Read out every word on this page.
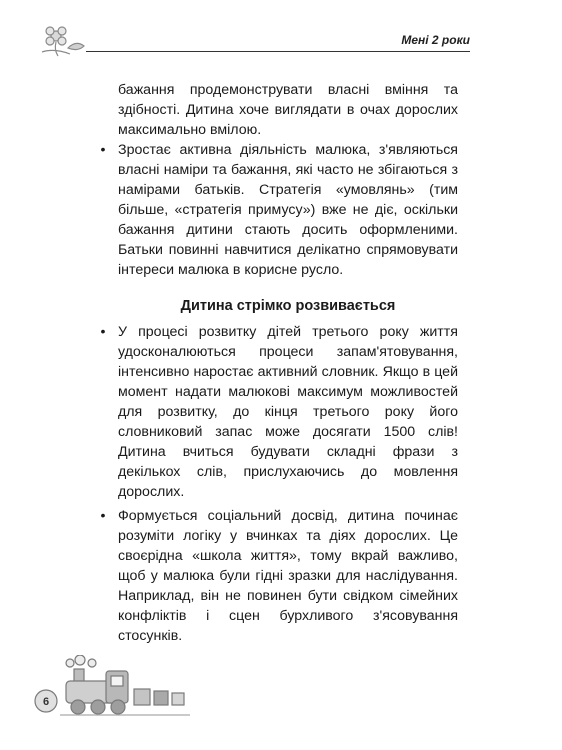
Мені 2 роки

бажання продемонструвати власні вміння та здібності. Дитина хоче виглядати в очах дорослих максимально вмілою.

• Зростає активна діяльність малюка, з'являються власні наміри та бажання, які часто не збігаються з намірами батьків. Стратегія «умовлянь» (тим більше, «стратегія примусу») вже не діє, оскільки бажання дитини стають досить оформленими. Батьки повинні навчитися делікатно спрямовувати інтереси малюка в корисне русло.

Дитина стрімко розвивається
• У процесі розвитку дітей третього року життя удосконалюються процеси запам'ятовування, інтенсивно наростає активний словник. Якщо в цей момент надати малюкові максимум можливостей для розвитку, до кінця третього року його словниковий запас може досягати 1500 слів! Дитина вчиться будувати складні фрази з декількох слів, прислухаючись до мовлення дорослих.

• Формується соціальний досвід, дитина починає розуміти логіку у вчинках та діях дорослих. Це своєрідна «школа життя», тому вкрай важливо, щоб у малюка були гідні зразки для наслідування. Наприклад, він не повинен бути свідком сімейних конфліктів і сцен бурхливого з'ясовування стосунків.

6
